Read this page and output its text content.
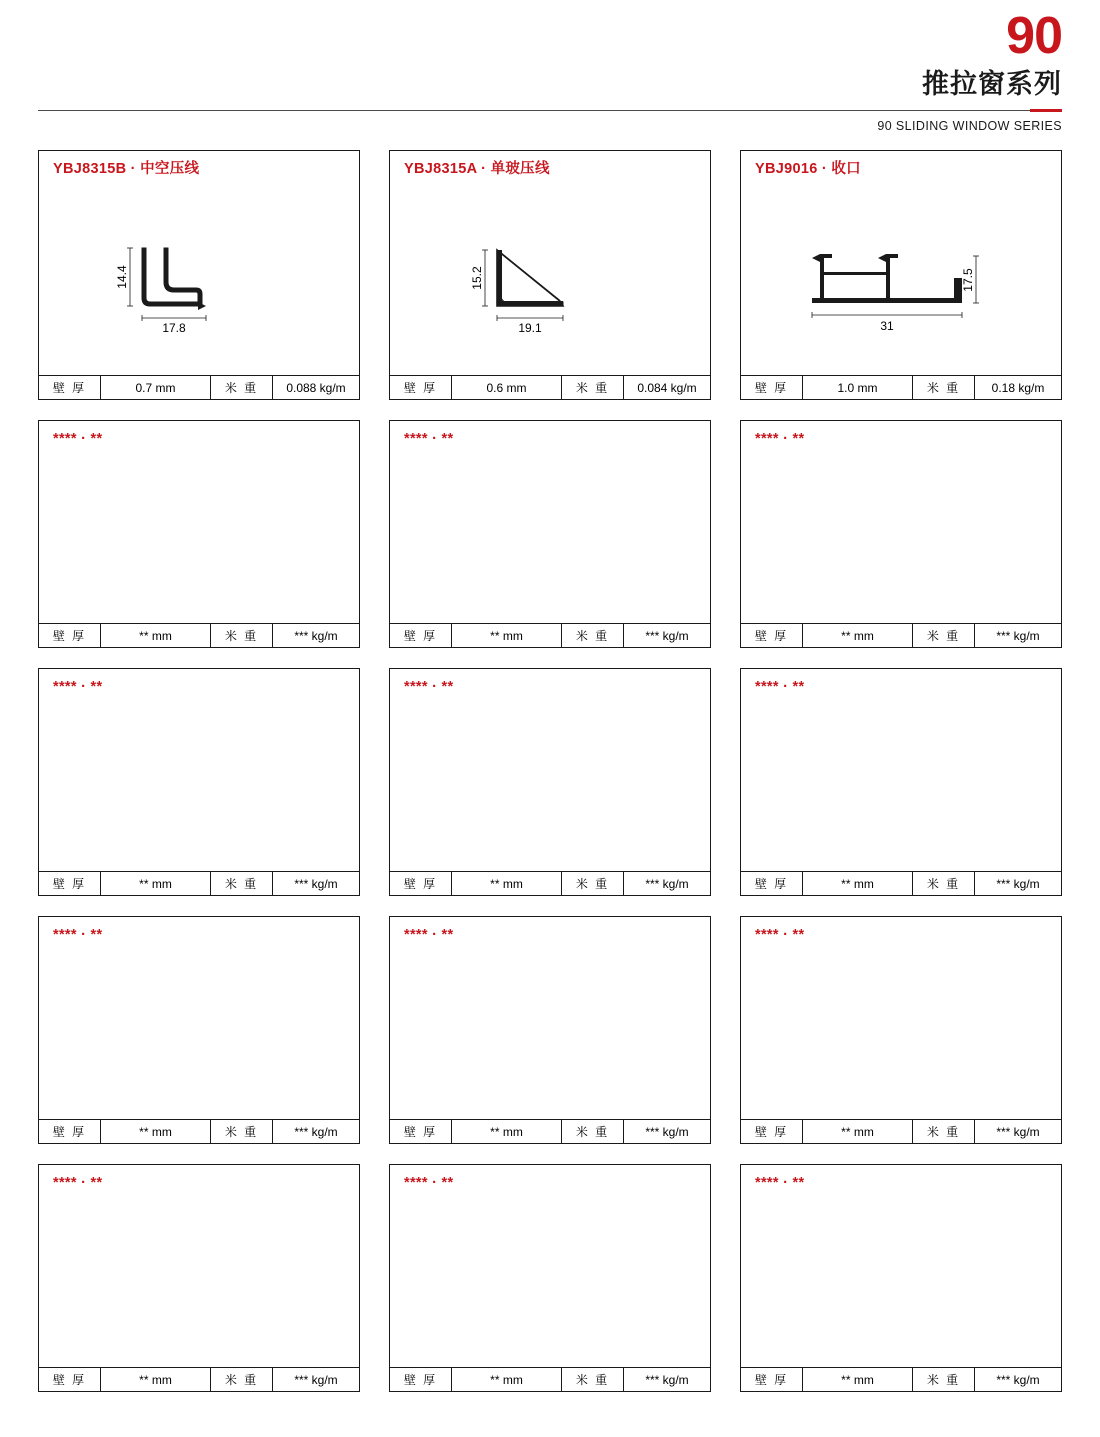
90
推拉窗系列
90 SLIDING WINDOW SERIES
YBJ8315B · 中空压线
14.4
17.8
壁 厚	0.7 mm	米 重	0.088 kg/m
YBJ8315A · 单玻压线
15.2
19.1
壁 厚	0.6 mm	米 重	0.084 kg/m
YBJ9016 · 收口
17.5
31
壁 厚	1.0 mm	米 重	0.18 kg/m
**** · **
壁 厚	** mm	米 重	*** kg/m
**** · **
壁 厚	** mm	米 重	*** kg/m
**** · **
壁 厚	** mm	米 重	*** kg/m
**** · **
壁 厚	** mm	米 重	*** kg/m
**** · **
壁 厚	** mm	米 重	*** kg/m
**** · **
壁 厚	** mm	米 重	*** kg/m
**** · **
壁 厚	** mm	米 重	*** kg/m
**** · **
壁 厚	** mm	米 重	*** kg/m
**** · **
壁 厚	** mm	米 重	*** kg/m
**** · **
壁 厚	** mm	米 重	*** kg/m
**** · **
壁 厚	** mm	米 重	*** kg/m
**** · **
壁 厚	** mm	米 重	*** kg/m
